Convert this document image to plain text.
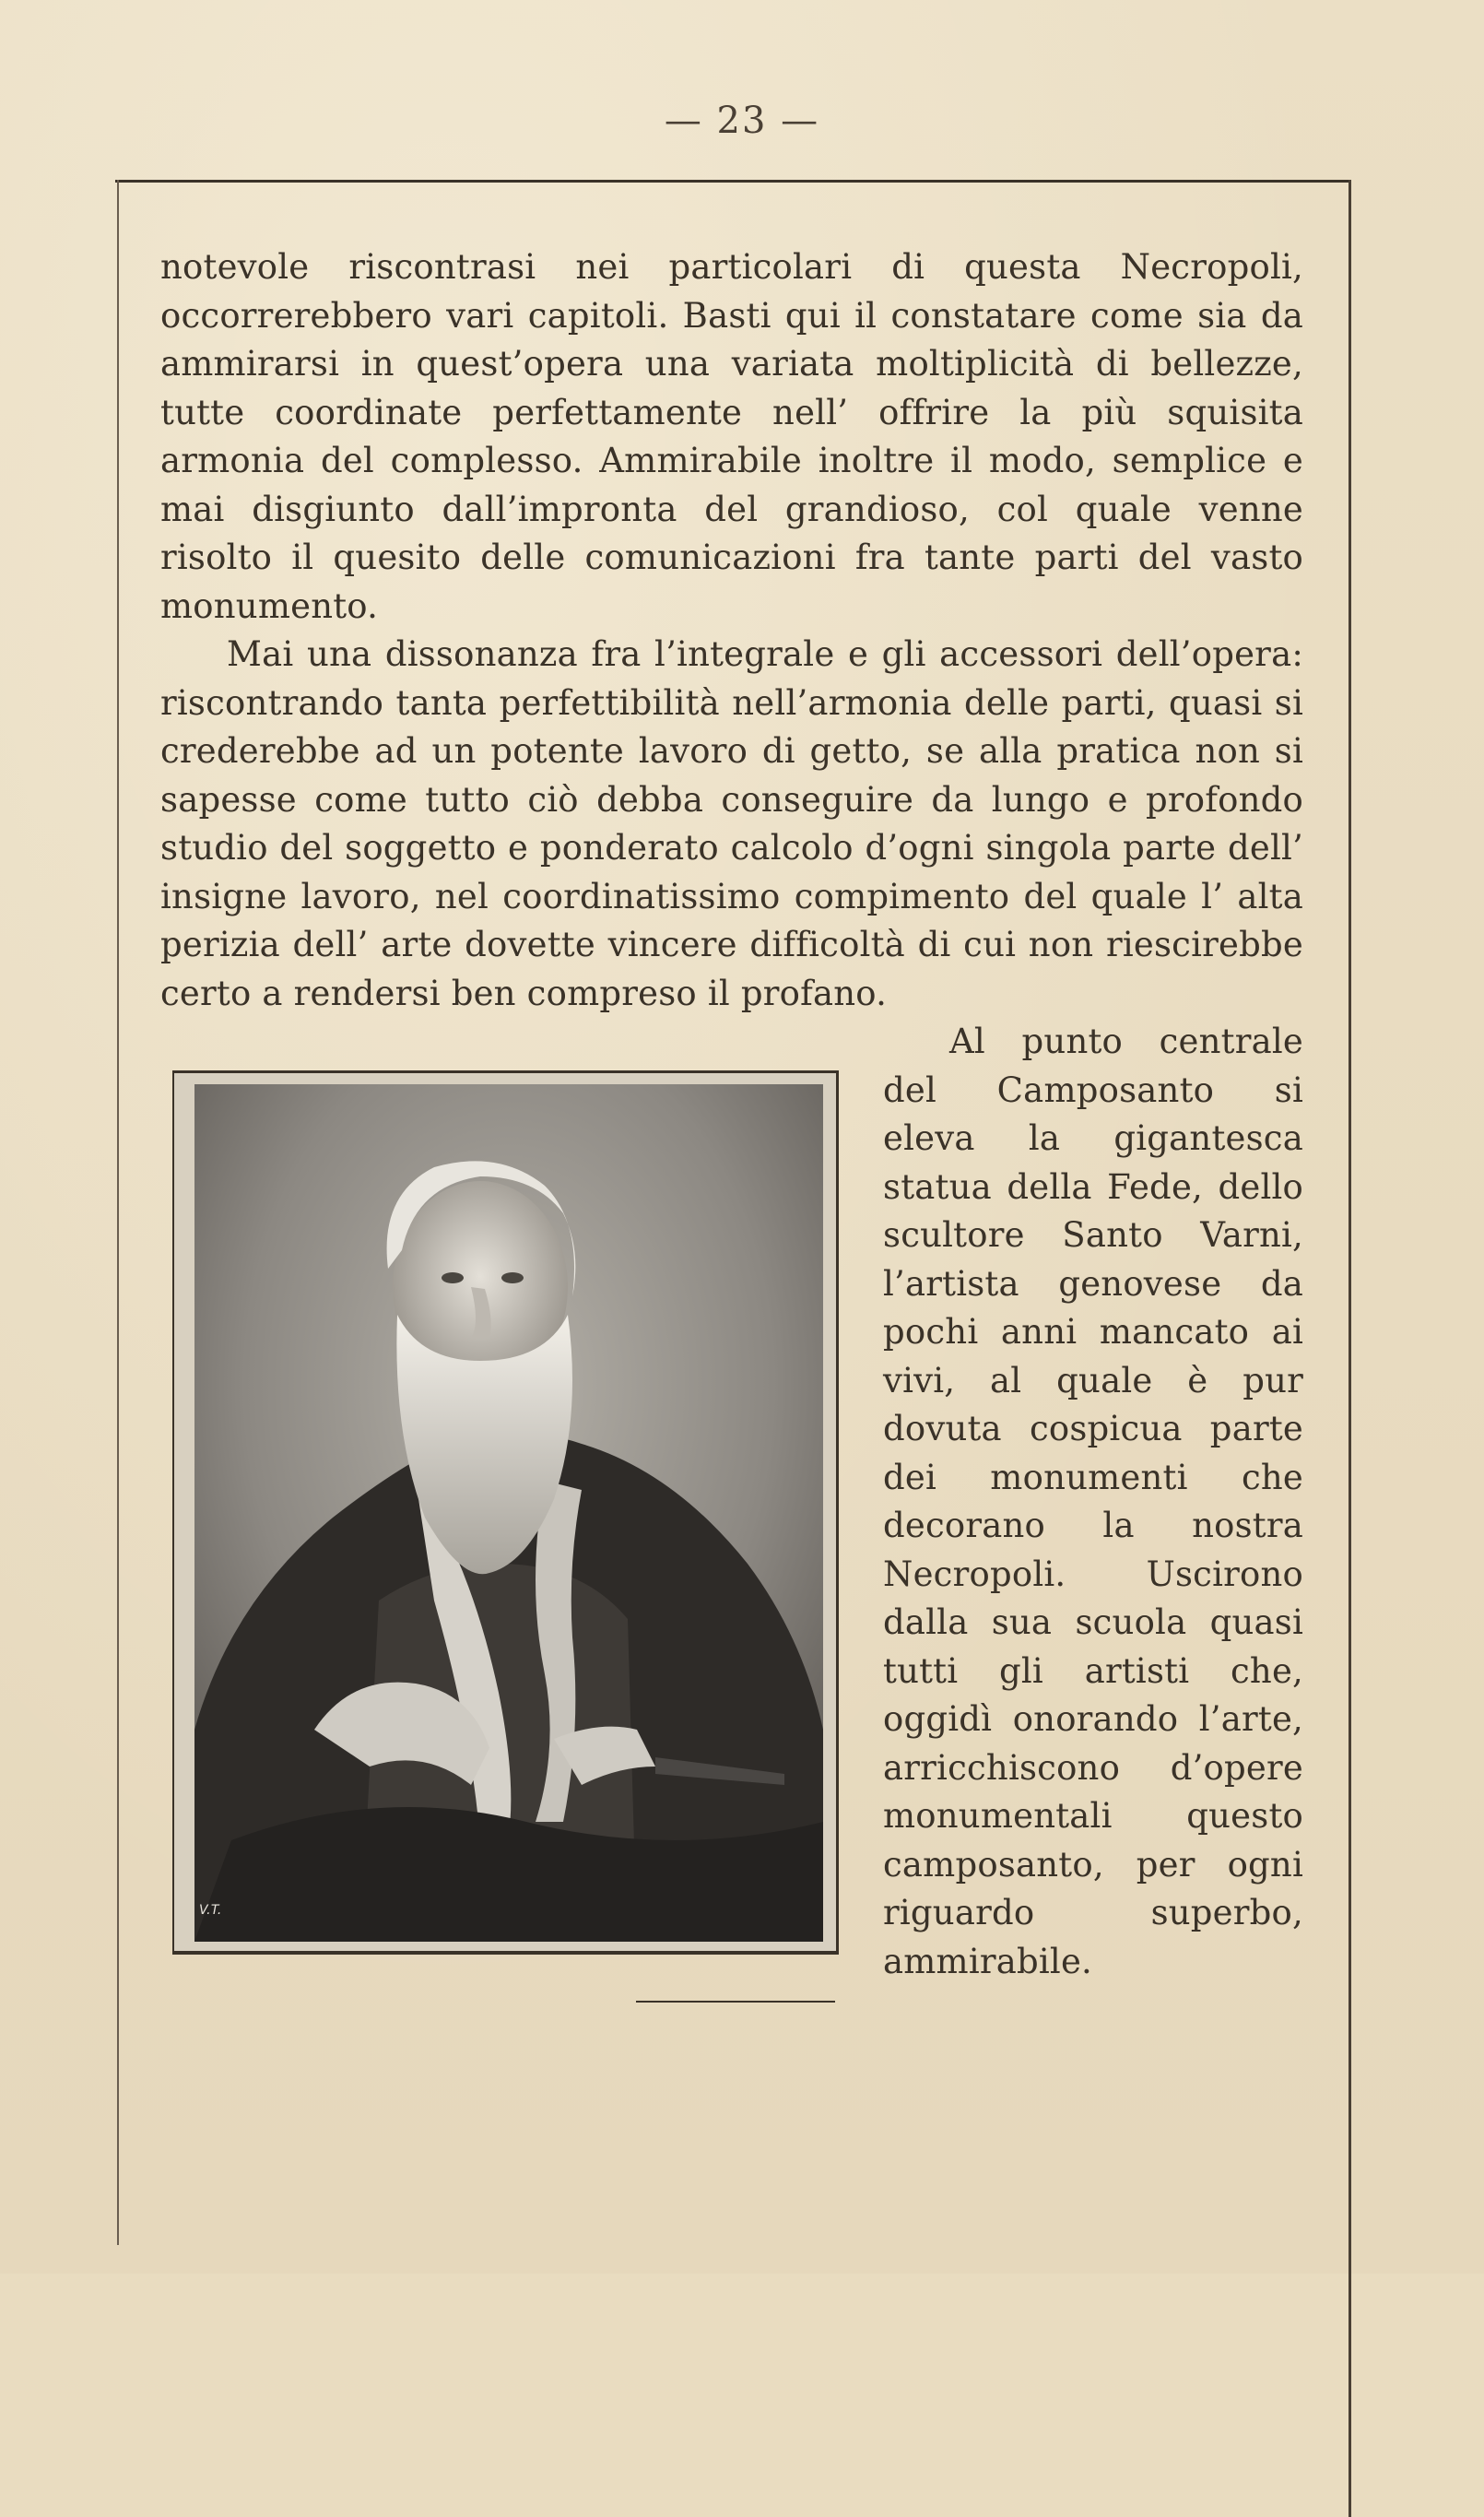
— 23 —

notevole riscontrasi nei particolari di questa Necropoli, occorrerebbero vari capitoli. Basti qui il constatare come sia da ammirarsi in quest’opera una variata moltiplicità di bellezze, tutte coordinate perfettamente nell’ offrire la più squisita armonia del complesso. Ammirabile inoltre il modo, semplice e mai disgiunto dall’impronta del grandioso, col quale venne risolto il quesito delle comunicazioni fra tante parti del vasto monumento.

Mai una dissonanza fra l’integrale e gli accessori dell’opera: riscontrando tanta perfettibilità nell’armonia delle parti, quasi si crederebbe ad un potente lavoro di getto, se alla pratica non si sapesse come tutto ciò debba conseguire da lungo e profondo studio del soggetto e ponderato calcolo d’ogni singola parte dell’ insigne lavoro, nel coordinatissimo compimento del quale l’ alta perizia dell’ arte dovette vincere difficoltà di cui non riescirebbe certo a rendersi ben compreso il profano.

V.T.

Al punto centrale del Camposanto si eleva la gigantesca statua della Fede, dello scultore Santo Varni, l’artista genovese da pochi anni mancato ai vivi, al quale è pur dovuta cospicua parte dei monumenti che decorano la nostra Necropoli. Uscirono dalla sua scuola quasi tutti gli artisti che, oggidì onorando l’arte, arricchiscono d’opere monumentali questo camposanto, per ogni riguardo superbo, ammirabile.
